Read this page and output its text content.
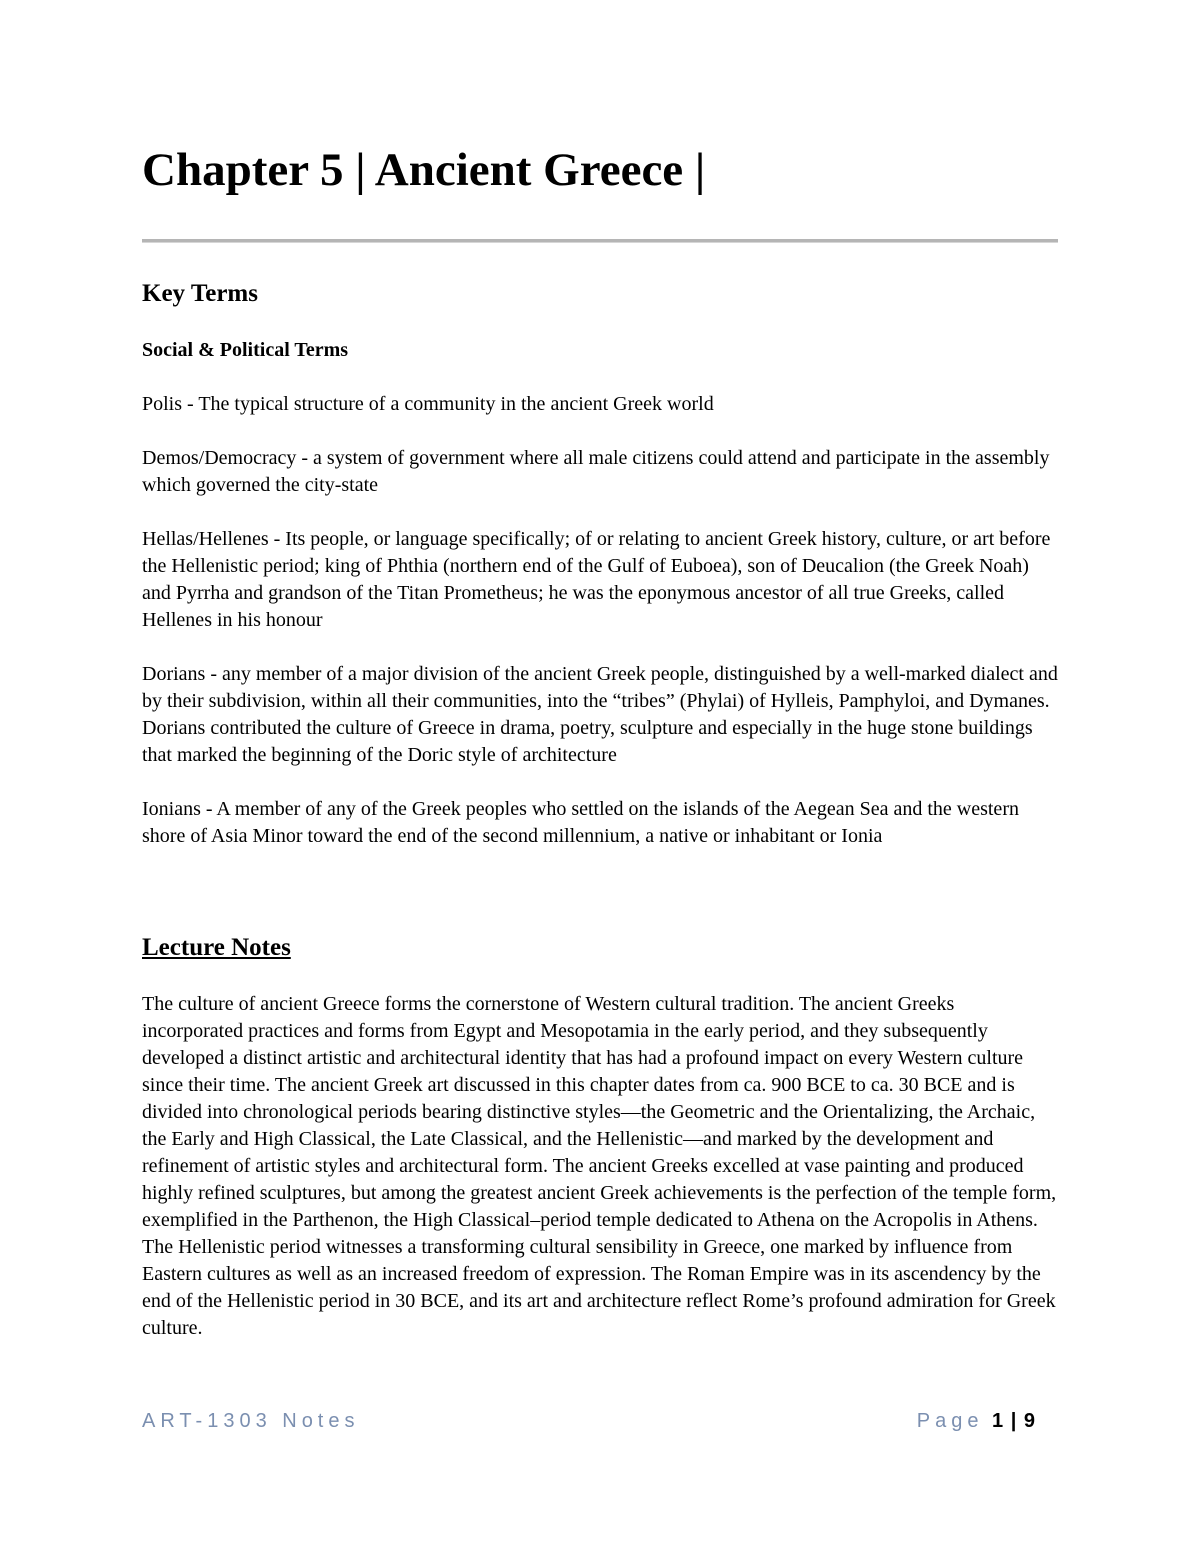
Chapter 5 | Ancient Greece |
Key Terms
Social & Political Terms

Polis - The typical structure of a community in the ancient Greek world

Demos/Democracy - a system of government where all male citizens could attend and participate in the assembly which governed the city-state

Hellas/Hellenes - Its people, or language specifically; of or relating to ancient Greek history, culture, or art before the Hellenistic period; king of Phthia (northern end of the Gulf of Euboea), son of Deucalion (the Greek Noah) and Pyrrha and grandson of the Titan Prometheus; he was the eponymous ancestor of all true Greeks, called Hellenes in his honour

Dorians - any member of a major division of the ancient Greek people, distinguished by a well-marked dialect and by their subdivision, within all their communities, into the “tribes” (Phylai) of Hylleis, Pamphyloi, and Dymanes. Dorians contributed the culture of Greece in drama, poetry, sculpture and especially in the huge stone buildings that marked the beginning of the Doric style of architecture

Ionians - A member of any of the Greek peoples who settled on the islands of the Aegean Sea and the western shore of Asia Minor toward the end of the second millennium, a native or inhabitant or Ionia

Lecture Notes

The culture of ancient Greece forms the cornerstone of Western cultural tradition. The ancient Greeks incorporated practices and forms from Egypt and Mesopotamia in the early period, and they subsequently developed a distinct artistic and architectural identity that has had a profound impact on every Western culture since their time. The ancient Greek art discussed in this chapter dates from ca. 900 BCE to ca. 30 BCE and is divided into chronological periods bearing distinctive styles—the Geometric and the Orientalizing, the Archaic, the Early and High Classical, the Late Classical, and the Hellenistic—and marked by the development and refinement of artistic styles and architectural form. The ancient Greeks excelled at vase painting and produced highly refined sculptures, but among the greatest ancient Greek achievements is the perfection of the temple form, exemplified in the Parthenon, the High Classical–period temple dedicated to Athena on the Acropolis in Athens. The Hellenistic period witnesses a transforming cultural sensibility in Greece, one marked by influence from Eastern cultures as well as an increased freedom of expression. The Roman Empire was in its ascendency by the end of the Hellenistic period in 30 BCE, and its art and architecture reflect Rome’s profound admiration for Greek culture.

ART-1303 Notes	Page 1 | 9
